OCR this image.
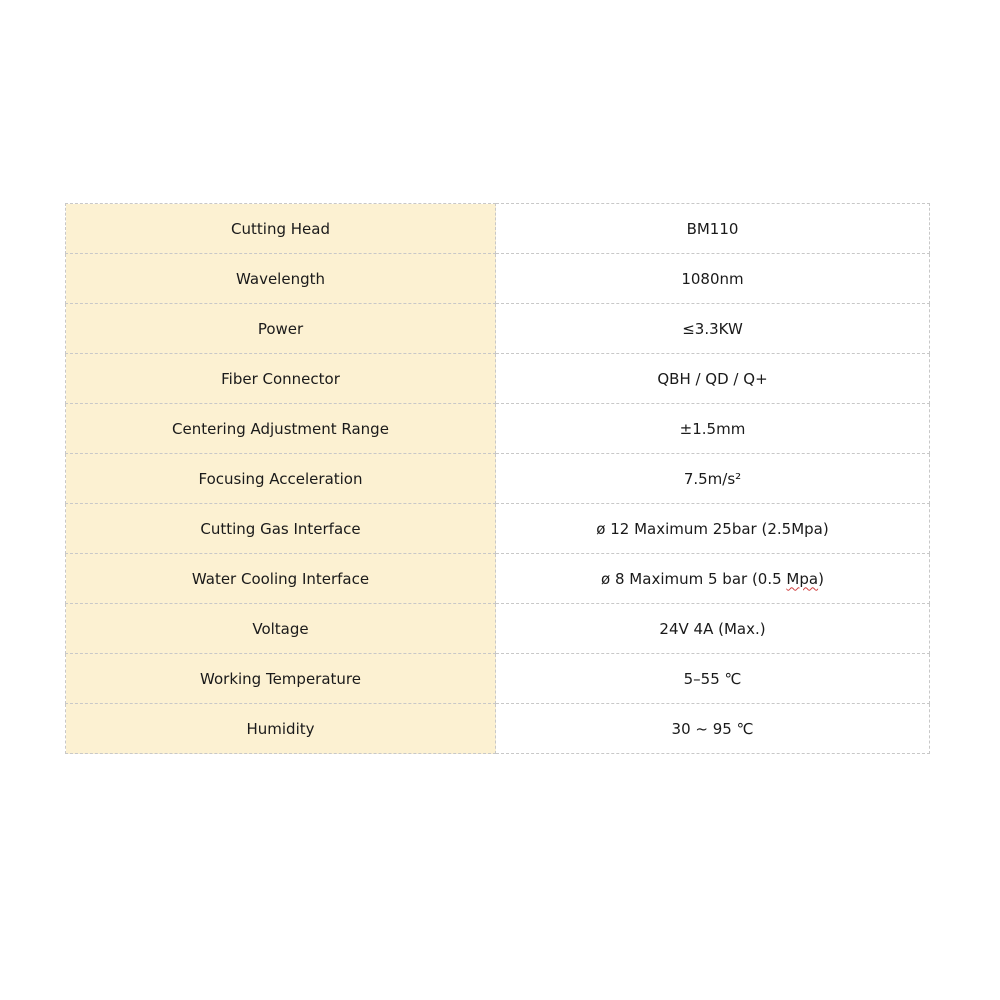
Cutting Head	BM110
Wavelength	1080nm
Power	≤3.3KW
Fiber Connector	QBH / QD / Q+
Centering Adjustment Range	±1.5mm
Focusing Acceleration	7.5m/s²
Cutting Gas Interface	ø 12 Maximum 25bar (2.5Mpa)
Water Cooling Interface	ø 8 Maximum 5 bar (0.5 Mpa)
Voltage	24V 4A (Max.)
Working Temperature	5–55 ℃
Humidity	30 ~ 95 ℃
